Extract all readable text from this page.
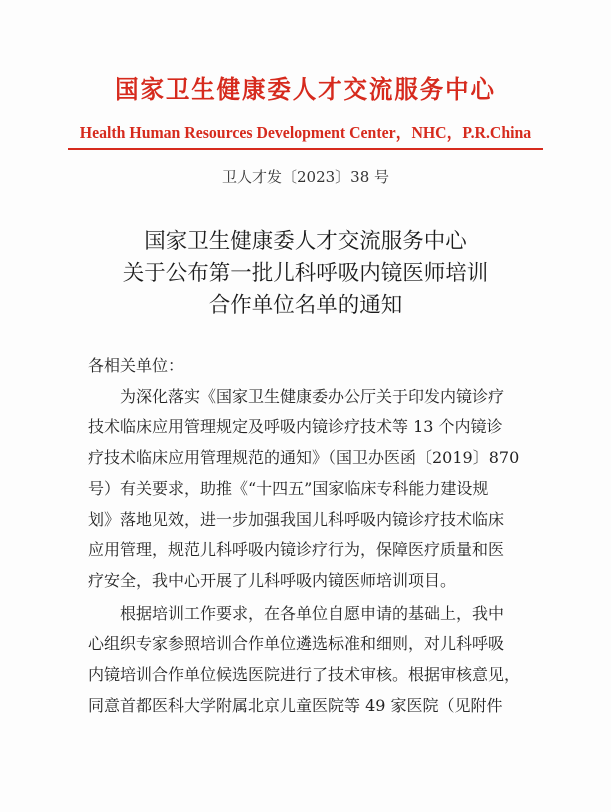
国家卫生健康委人才交流服务中心
Health Human Resources Development Center，NHC，P.R.China
卫人才发〔2023〕38 号
国家卫生健康委人才交流服务中心
关于公布第一批儿科呼吸内镜医师培训
合作单位名单的通知

各相关单位：

为深化落实《国家卫生健康委办公厅关于印发内镜诊疗
技术临床应用管理规定及呼吸内镜诊疗技术等 13 个内镜诊
疗技术临床应用管理规范的通知》（国卫办医函〔2019〕870
号）有关要求，助推《“十四五”国家临床专科能力建设规
划》落地见效，进一步加强我国儿科呼吸内镜诊疗技术临床
应用管理，规范儿科呼吸内镜诊疗行为，保障医疗质量和医
疗安全，我中心开展了儿科呼吸内镜医师培训项目。

根据培训工作要求，在各单位自愿申请的基础上，我中
心组织专家参照培训合作单位遴选标准和细则，对儿科呼吸
内镜培训合作单位候选医院进行了技术审核。根据审核意见，
同意首都医科大学附属北京儿童医院等 49 家医院（见附件
